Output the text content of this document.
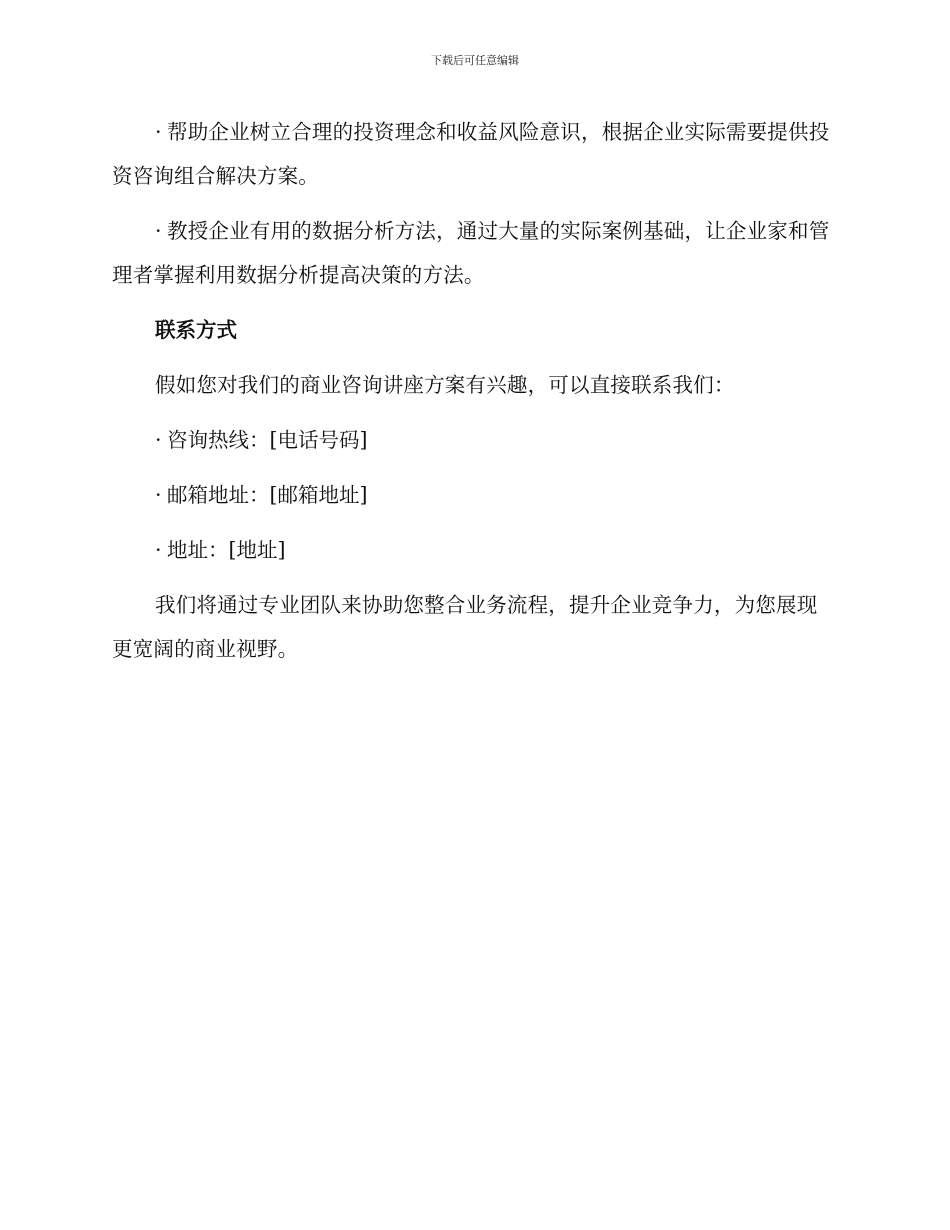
下载后可任意编辑

· 帮助企业树立合理的投资理念和收益风险意识，根据企业实际需要提供投资咨询组合解决方案。

· 教授企业有用的数据分析方法，通过大量的实际案例基础，让企业家和管理者掌握利用数据分析提高决策的方法。

联系方式

假如您对我们的商业咨询讲座方案有兴趣，可以直接联系我们：

· 咨询热线：[电话号码]

· 邮箱地址：[邮箱地址]

· 地址：[地址]

我们将通过专业团队来协助您整合业务流程，提升企业竞争力，为您展现更宽阔的商业视野。
